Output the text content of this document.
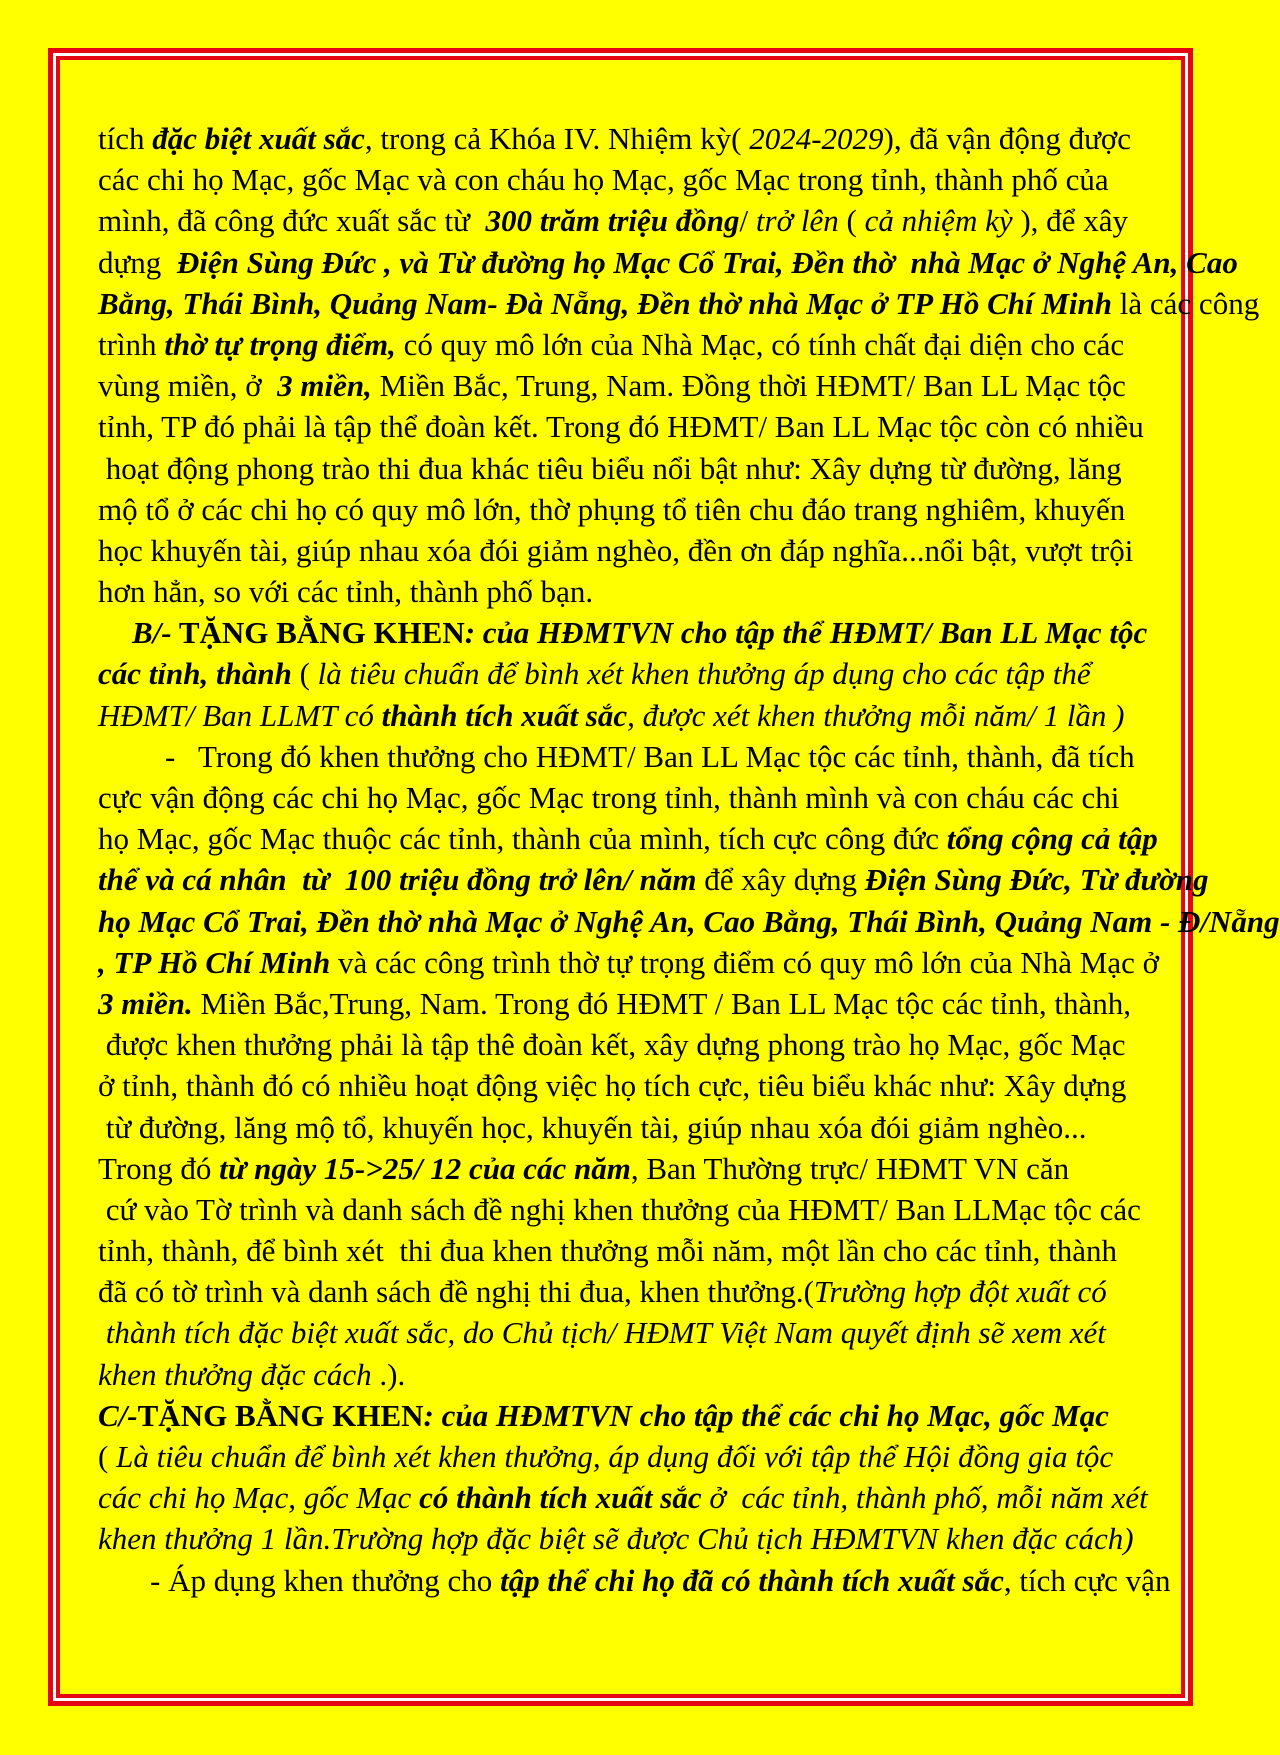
tích đặc biệt xuất sắc, trong cả Khóa IV. Nhiệm kỳ( 2024-2029), đã vận động được
các chi họ Mạc, gốc Mạc và con cháu họ Mạc, gốc Mạc trong tỉnh, thành phố của
mình, đã công đức xuất sắc từ  300 trăm triệu đồng/ trở lên ( cả nhiệm kỳ ), để xây
dựng  Điện Sùng Đức , và Từ đường họ Mạc Cổ Trai, Đền thờ  nhà Mạc ở Nghệ An, Cao
Bằng, Thái Bình, Quảng Nam- Đà Nẵng, Đền thờ nhà Mạc ở TP Hồ Chí Minh là các công
trình thờ tự trọng điểm, có quy mô lớn của Nhà Mạc, có tính chất đại diện cho các
vùng miền, ở  3 miền, Miền Bắc, Trung, Nam. Đồng thời HĐMT/ Ban LL Mạc tộc
tỉnh, TP đó phải là tập thể đoàn kết. Trong đó HĐMT/ Ban LL Mạc tộc còn có nhiều
hoạt động phong trào thi đua khác tiêu biểu nổi bật như: Xây dựng từ đường, lăng
mộ tổ ở các chi họ có quy mô lớn, thờ phụng tổ tiên chu đáo trang nghiêm, khuyến
học khuyến tài, giúp nhau xóa đói giảm nghèo, đền ơn đáp nghĩa...nổi bật, vượt trội
hơn hẳn, so với các tỉnh, thành phố bạn.
B/- TẶNG BẰNG KHEN: của HĐMTVN cho tập thể HĐMT/ Ban LL Mạc tộc
các tỉnh, thành ( là tiêu chuẩn để bình xét khen thưởng áp dụng cho các tập thể
HĐMT/ Ban LLMT có thành tích xuất sắc, được xét khen thưởng mỗi năm/ 1 lần )
-   Trong đó khen thưởng cho HĐMT/ Ban LL Mạc tộc các tỉnh, thành, đã tích
cực vận động các chi họ Mạc, gốc Mạc trong tỉnh, thành mình và con cháu các chi
họ Mạc, gốc Mạc thuộc các tỉnh, thành của mình, tích cực công đức tổng cộng cả tập
thể và cá nhân  từ  100 triệu đồng trở lên/ năm để xây dựng Điện Sùng Đức, Từ đường
họ Mạc Cổ Trai, Đền thờ nhà Mạc ở Nghệ An, Cao Bằng, Thái Bình, Quảng Nam - Đ/Nẵng
, TP Hồ Chí Minh và các công trình thờ tự trọng điểm có quy mô lớn của Nhà Mạc ở
3 miền. Miền Bắc,Trung, Nam. Trong đó HĐMT / Ban LL Mạc tộc các tỉnh, thành,
được khen thưởng phải là tập thê đoàn kết, xây dựng phong trào họ Mạc, gốc Mạc
ở tỉnh, thành đó có nhiều hoạt động việc họ tích cực, tiêu biểu khác như: Xây dựng
từ đường, lăng mộ tổ, khuyến học, khuyến tài, giúp nhau xóa đói giảm nghèo...
Trong đó từ ngày 15->25/ 12 của các năm, Ban Thường trực/ HĐMT VN căn
cứ vào Tờ trình và danh sách đề nghị khen thưởng của HĐMT/ Ban LLMạc tộc các
tỉnh, thành, để bình xét  thi đua khen thưởng mỗi năm, một lần cho các tỉnh, thành
đã có tờ trình và danh sách đề nghị thi đua, khen thưởng.(Trường hợp đột xuất có
thành tích đặc biệt xuất sắc, do Chủ tịch/ HĐMT Việt Nam quyết định sẽ xem xét
khen thưởng đặc cách .).
C/-TẶNG BẰNG KHEN: của HĐMTVN cho tập thể các chi họ Mạc, gốc Mạc
( Là tiêu chuẩn để bình xét khen thưởng, áp dụng đối với tập thể Hội đồng gia tộc
các chi họ Mạc, gốc Mạc có thành tích xuất sắc ở  các tỉnh, thành phố, mỗi năm xét
khen thưởng 1 lần.Trường hợp đặc biệt sẽ được Chủ tịch HĐMTVN khen đặc cách)
- Áp dụng khen thưởng cho tập thể chi họ đã có thành tích xuất sắc, tích cực vận
